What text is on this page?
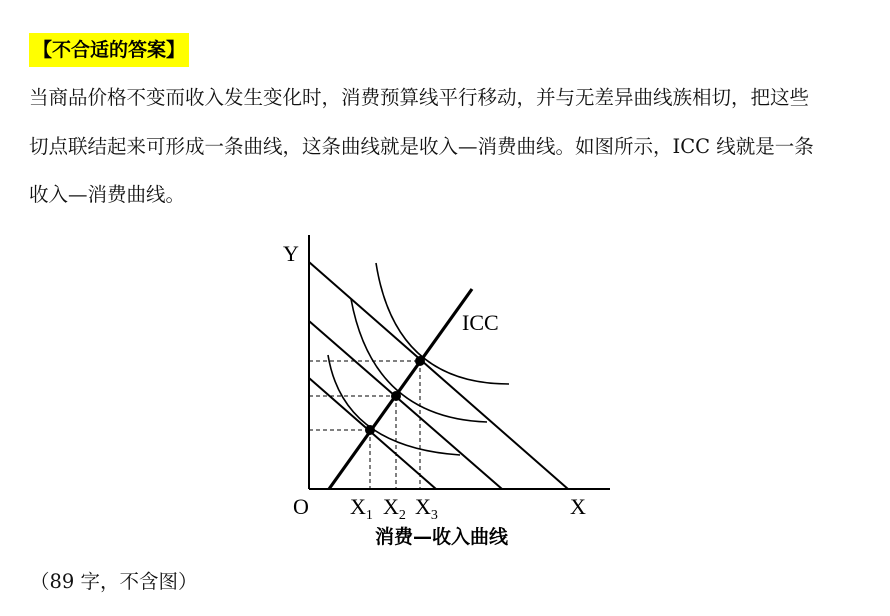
【不合适的答案】
当商品价格不变而收入发生变化时，消费预算线平行移动，并与无差异曲线族相切，把这些
切点联结起来可形成一条曲线，这条曲线就是收入—消费曲线。如图所示，ICC 线就是一条
收入—消费曲线。
Y
ICC
O $X_1$ $X_2$ $X_3$	X
消费—收入曲线
（89 字，不含图）
